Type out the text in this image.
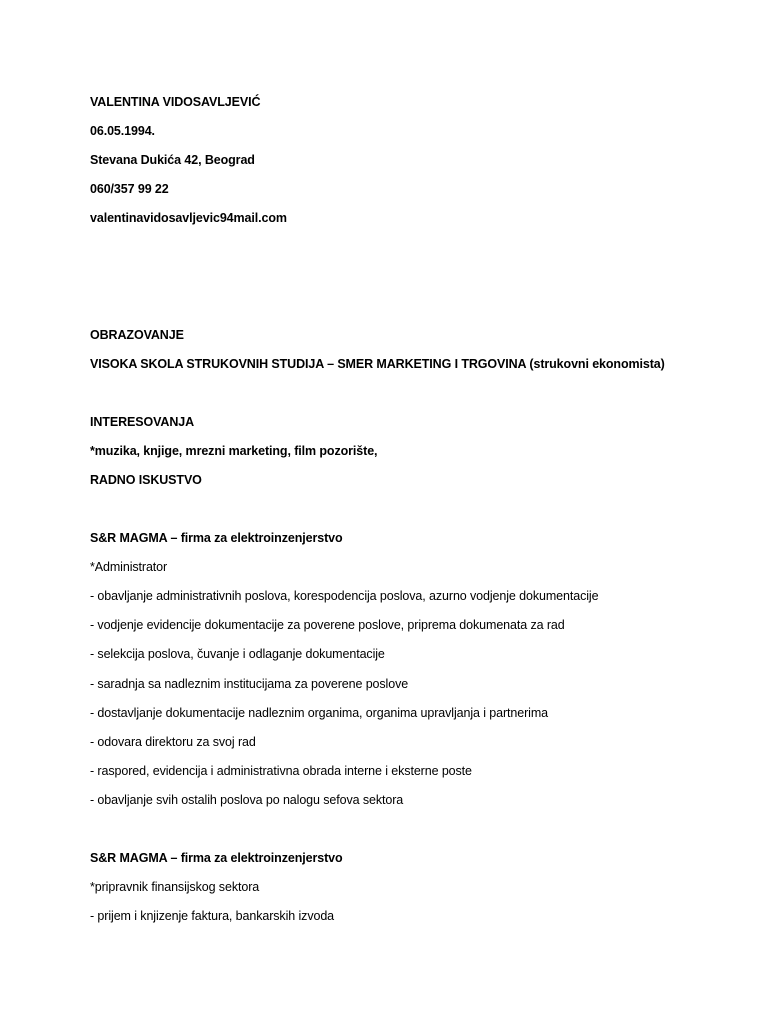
VALENTINA VIDOSAVLJEVIĆ
06.05.1994.
Stevana Dukića 42, Beograd
060/357 99 22
valentinavidosavljevic94mail.com
OBRAZOVANJE
VISOKA SKOLA STRUKOVNIH STUDIJA – SMER MARKETING I TRGOVINA (strukovni ekonomista)
INTERESOVANJA
*muzika, knjige, mrezni marketing, film pozorište,
RADNO ISKUSTVO
S&R MAGMA – firma za elektroinzenjerstvo
*Administrator
- obavljanje administrativnih poslova, korespodencija poslova, azurno vodjenje dokumentacije
- vodjenje evidencije dokumentacije za poverene poslove, priprema dokumenata za rad
- selekcija poslova, čuvanje i odlaganje dokumentacije
- saradnja sa nadleznim institucijama za poverene poslove
- dostavljanje dokumentacije nadleznim organima, organima upravljanja i partnerima
- odovara direktoru za svoj rad
- raspored, evidencija i administrativna obrada interne i eksterne poste
- obavljanje svih ostalih poslova po nalogu sefova sektora
S&R MAGMA – firma za elektroinzenjerstvo
*pripravnik finansijskog sektora
- prijem i knjizenje faktura, bankarskih izvoda
